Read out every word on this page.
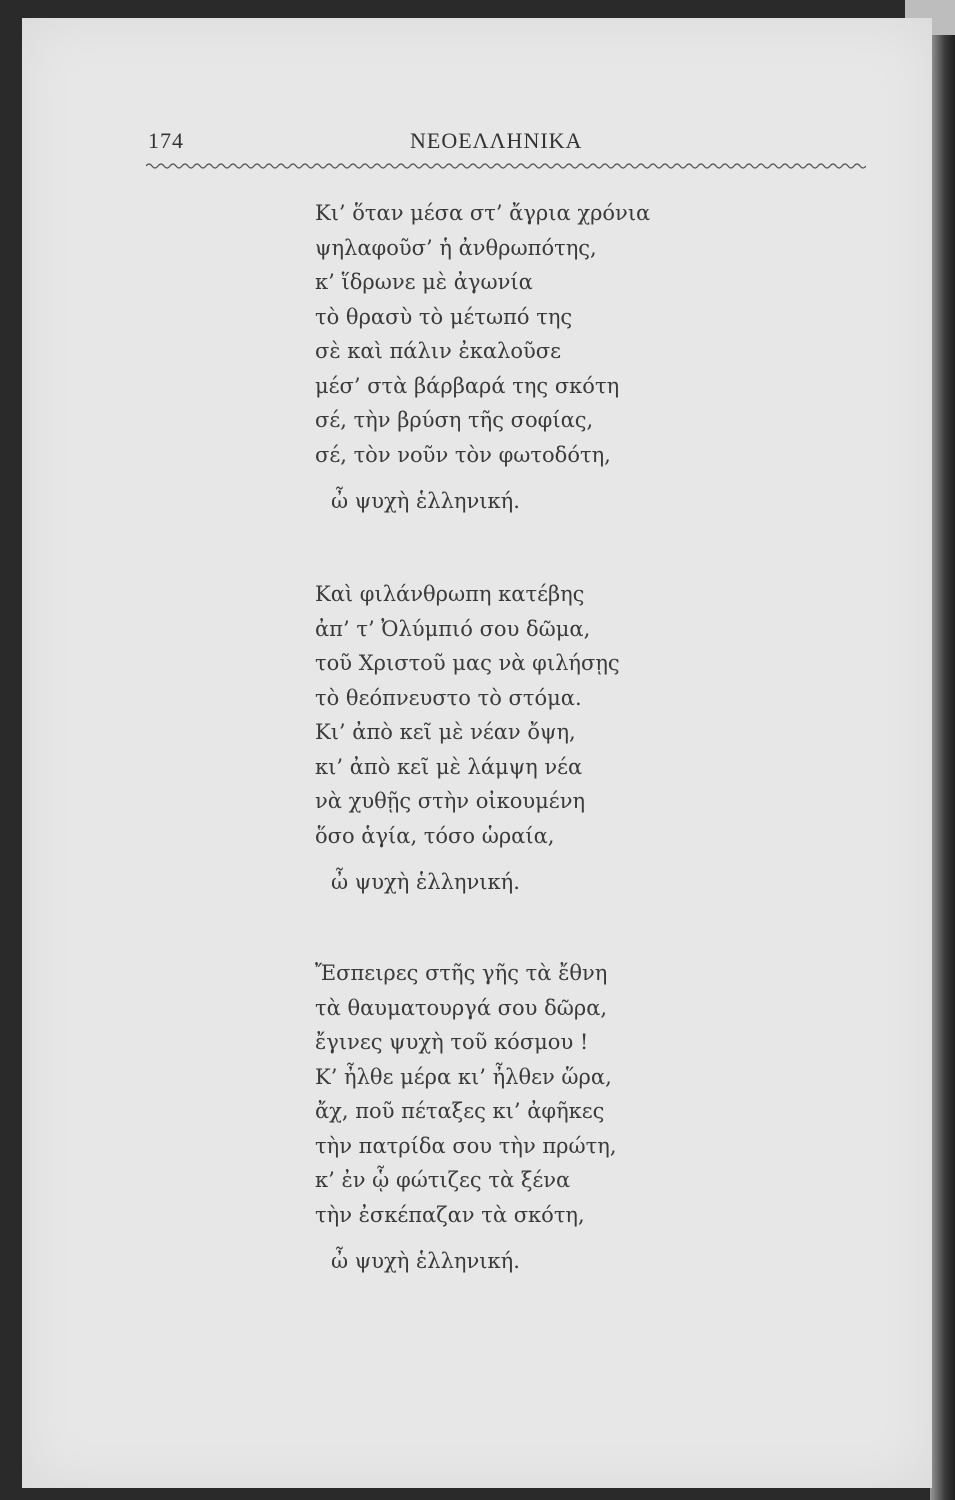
174	ΝΕΟΕΛΛΗΝΙΚΑ
Κι’ ὅταν μέσα στ’ ἄγρια χρόνια
ψηλαφοῦσ’ ἡ ἀνθρωπότης,
κ’ ἵδρωνε μὲ ἀγωνία
τὸ θρασὺ τὸ μέτωπό της
σὲ καὶ πάλιν ἐκαλοῦσε
μέσ’ στὰ βάρβαρά της σκότη
σέ, τὴν βρύση τῆς σοφίας,
σέ, τὸν νοῦν τὸν φωτοδότη,
ὦ ψυχὴ ἑλληνική.
Καὶ φιλάνθρωπη κατέβης
ἀπ’ τ’ Ὀλύμπιό σου δῶμα,
τοῦ Χριστοῦ μας νὰ φιλήσῃς
τὸ θεόπνευστο τὸ στόμα.
Κι’ ἀπὸ κεῖ μὲ νέαν ὄψη,
κι’ ἀπὸ κεῖ μὲ λάμψη νέα
νὰ χυθῇς στὴν οἰκουμένη
ὅσο ἁγία, τόσο ὡραία,
ὦ ψυχὴ ἑλληνική.
Ἔσπειρες στῆς γῆς τὰ ἔθνη
τὰ θαυματουργά σου δῶρα,
ἔγινες ψυχὴ τοῦ κόσμου !
Κ’ ἦλθε μέρα κι’ ἦλθεν ὥρα,
ἄχ, ποῦ πέταξες κι’ ἀφῆκες
τὴν πατρίδα σου τὴν πρώτη,
κ’ ἐν ᾧ φώτιζες τὰ ξένα
τὴν ἐσκέπαζαν τὰ σκότη,
ὦ ψυχὴ ἑλληνική.
